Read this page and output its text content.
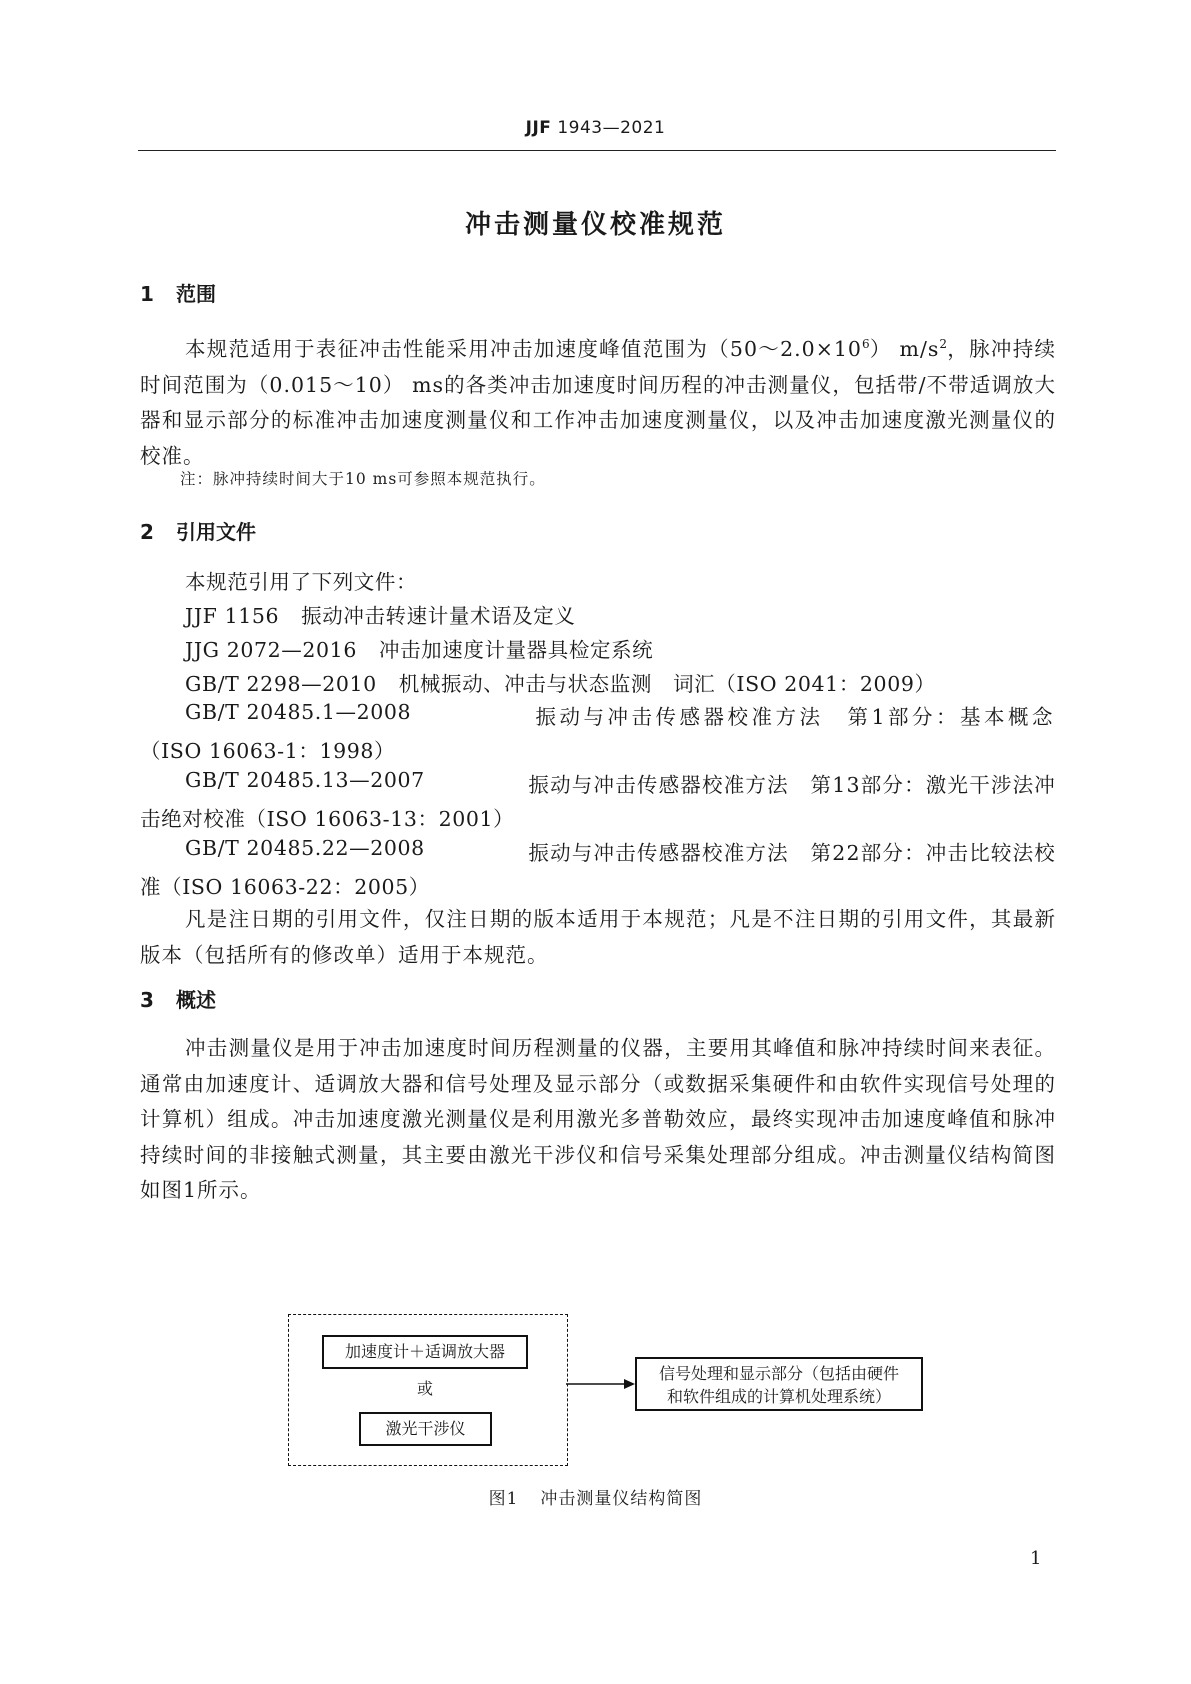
JJF 1943—2021
冲击测量仪校准规范
1 范围
本规范适用于表征冲击性能采用冲击加速度峰值范围为$(50\sim 2.0\times 10^6)$ $m/s^2$，脉冲持续时间范围为（0.015～10） ms的各类冲击加速度时间历程的冲击测量仪，包括带/不带适调放大器和显示部分的标准冲击加速度测量仪和工作冲击加速度测量仪，以及冲击加速度激光测量仪的校准。
注：脉冲持续时间大于10 ms可参照本规范执行。
2 引用文件
本规范引用了下列文件：
JJF 1156 振动冲击转速计量术语及定义
JJG 2072—2016 冲击加速度计量器具检定系统
GB/T 2298—2010 机械振动、冲击与状态监测　词汇（ISO 2041：2009）
GB/T 20485.1—2008	振动与冲击传感器校准方法　第1部分：基本概念
（ISO 16063-1：1998）
GB/T 20485.13—2007	振动与冲击传感器校准方法　第13部分：激光干涉法冲
击绝对校准（ISO 16063-13：2001）
GB/T 20485.22—2008	振动与冲击传感器校准方法　第22部分：冲击比较法校
准（ISO 16063-22：2005）
凡是注日期的引用文件，仅注日期的版本适用于本规范；凡是不注日期的引用文件，其最新版本（包括所有的修改单）适用于本规范。
3 概述
冲击测量仪是用于冲击加速度时间历程测量的仪器，主要用其峰值和脉冲持续时间来表征。通常由加速度计、适调放大器和信号处理及显示部分（或数据采集硬件和由软件实现信号处理的计算机）组成。冲击加速度激光测量仪是利用激光多普勒效应，最终实现冲击加速度峰值和脉冲持续时间的非接触式测量，其主要由激光干涉仪和信号采集处理部分组成。冲击测量仪结构简图如图1所示。
加速度计＋适调放大器
或
激光干涉仪
信号处理和显示部分（包括由硬件
和软件组成的计算机处理系统）
图1 冲击测量仪结构简图
1
